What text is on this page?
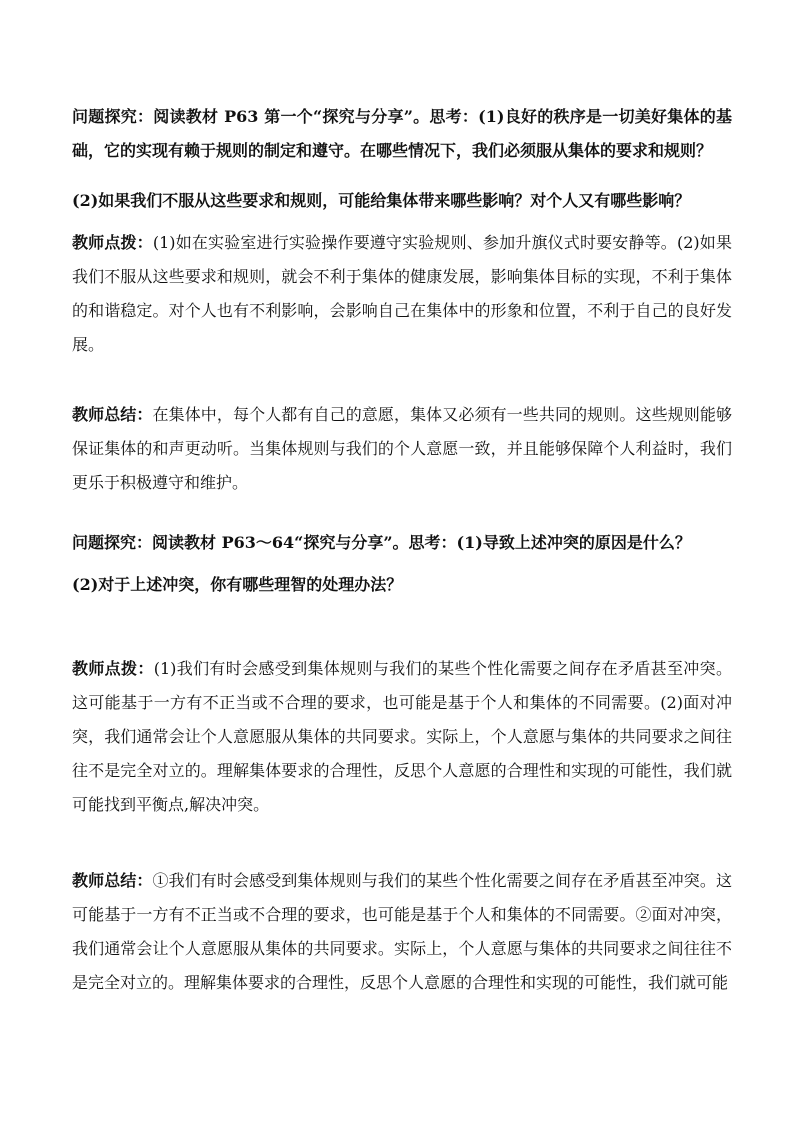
问题探究：阅读教材 P63 第一个“探究与分享”。思考：(1)良好的秩序是一切美好集体的基础，它的实现有赖于规则的制定和遵守。在哪些情况下，我们必须服从集体的要求和规则？

(2)如果我们不服从这些要求和规则，可能给集体带来哪些影响？对个人又有哪些影响？

教师点拨：(1)如在实验室进行实验操作要遵守实验规则、参加升旗仪式时要安静等。(2)如果我们不服从这些要求和规则，就会不利于集体的健康发展，影响集体目标的实现，不利于集体的和谐稳定。对个人也有不利影响，会影响自己在集体中的形象和位置，不利于自己的良好发展。

教师总结：在集体中，每个人都有自己的意愿，集体又必须有一些共同的规则。这些规则能够保证集体的和声更动听。当集体规则与我们的个人意愿一致，并且能够保障个人利益时，我们更乐于积极遵守和维护。

问题探究：阅读教材 P63～64“探究与分享”。思考：(1)导致上述冲突的原因是什么？

(2)对于上述冲突，你有哪些理智的处理办法？

教师点拨：(1)我们有时会感受到集体规则与我们的某些个性化需要之间存在矛盾甚至冲突。这可能基于一方有不正当或不合理的要求，也可能是基于个人和集体的不同需要。(2)面对冲突，我们通常会让个人意愿服从集体的共同要求。实际上，个人意愿与集体的共同要求之间往往不是完全对立的。理解集体要求的合理性，反思个人意愿的合理性和实现的可能性，我们就可能找到平衡点,解决冲突。

教师总结：①我们有时会感受到集体规则与我们的某些个性化需要之间存在矛盾甚至冲突。这可能基于一方有不正当或不合理的要求，也可能是基于个人和集体的不同需要。②面对冲突，我们通常会让个人意愿服从集体的共同要求。实际上，个人意愿与集体的共同要求之间往往不是完全对立的。理解集体要求的合理性，反思个人意愿的合理性和实现的可能性，我们就可能
